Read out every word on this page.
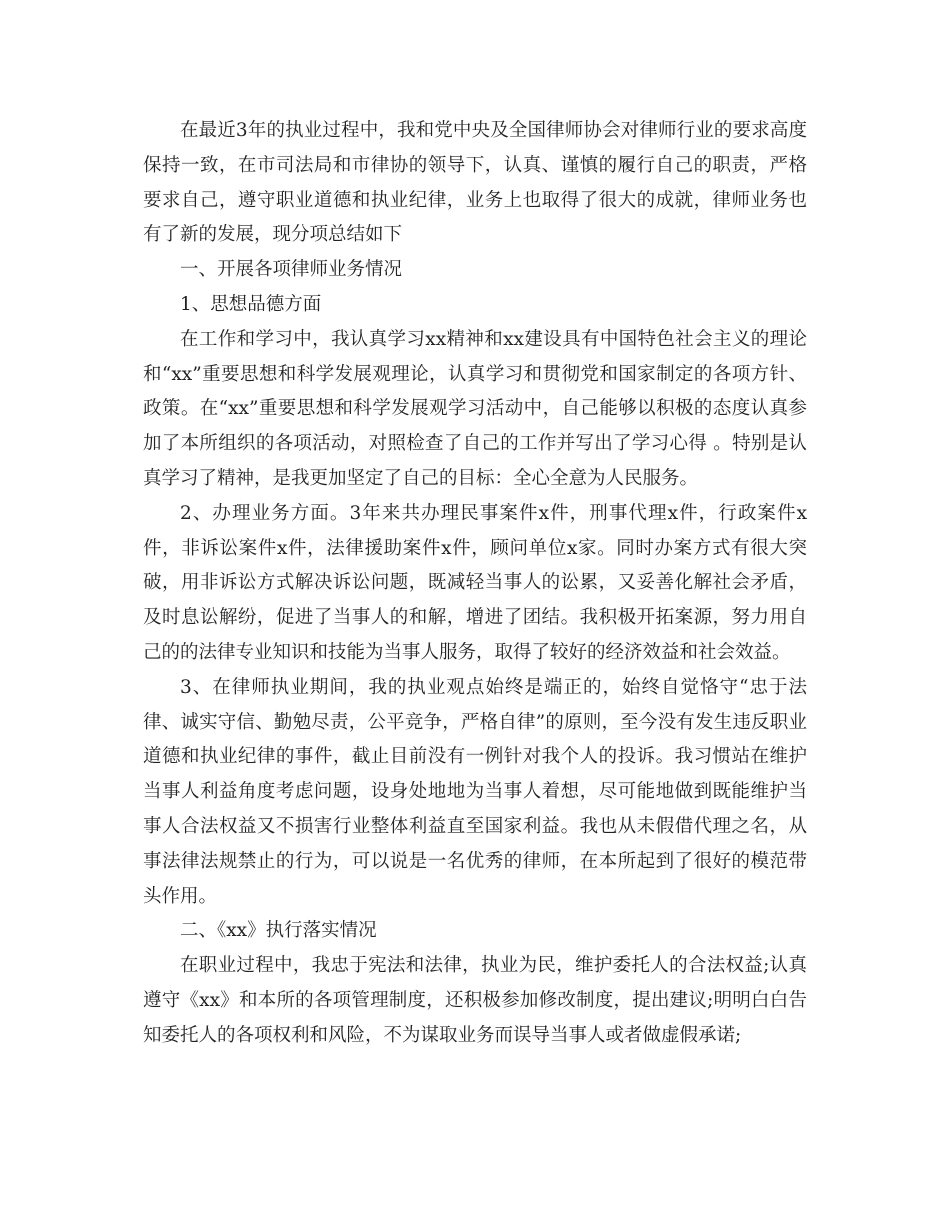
在最近3年的执业过程中，我和党中央及全国律师协会对律师行业的要求高度保持一致，在市司法局和市律协的领导下，认真、谨慎的履行自己的职责，严格要求自己，遵守职业道德和执业纪律，业务上也取得了很大的成就，律师业务也有了新的发展，现分项总结如下

一、开展各项律师业务情况

1、思想品德方面

在工作和学习中，我认真学习xx精神和xx建设具有中国特色社会主义的理论和“xx”重要思想和科学发展观理论，认真学习和贯彻党和国家制定的各项方针、政策。在“xx”重要思想和科学发展观学习活动中，自己能够以积极的态度认真参加了本所组织的各项活动，对照检查了自己的工作并写出了学习心得 。特别是认真学习了精神，是我更加坚定了自己的目标：全心全意为人民服务。

2、办理业务方面。3年来共办理民事案件x件，刑事代理x件，行政案件x件，非诉讼案件x件，法律援助案件x件，顾问单位x家。同时办案方式有很大突破，用非诉讼方式解决诉讼问题，既减轻当事人的讼累，又妥善化解社会矛盾，及时息讼解纷，促进了当事人的和解，增进了团结。我积极开拓案源，努力用自己的的法律专业知识和技能为当事人服务，取得了较好的经济效益和社会效益。

3、在律师执业期间，我的执业观点始终是端正的，始终自觉恪守“忠于法律、诚实守信、勤勉尽责，公平竞争，严格自律”的原则，至今没有发生违反职业道德和执业纪律的事件，截止目前没有一例针对我个人的投诉。我习惯站在维护当事人利益角度考虑问题，设身处地地为当事人着想，尽可能地做到既能维护当事人合法权益又不损害行业整体利益直至国家利益。我也从未假借代理之名，从事法律法规禁止的行为，可以说是一名优秀的律师，在本所起到了很好的模范带头作用。

二、《xx》执行落实情况

在职业过程中，我忠于宪法和法律，执业为民，维护委托人的合法权益;认真遵守《xx》和本所的各项管理制度，还积极参加修改制度，提出建议;明明白白告知委托人的各项权利和风险，不为谋取业务而误导当事人或者做虚假承诺;
